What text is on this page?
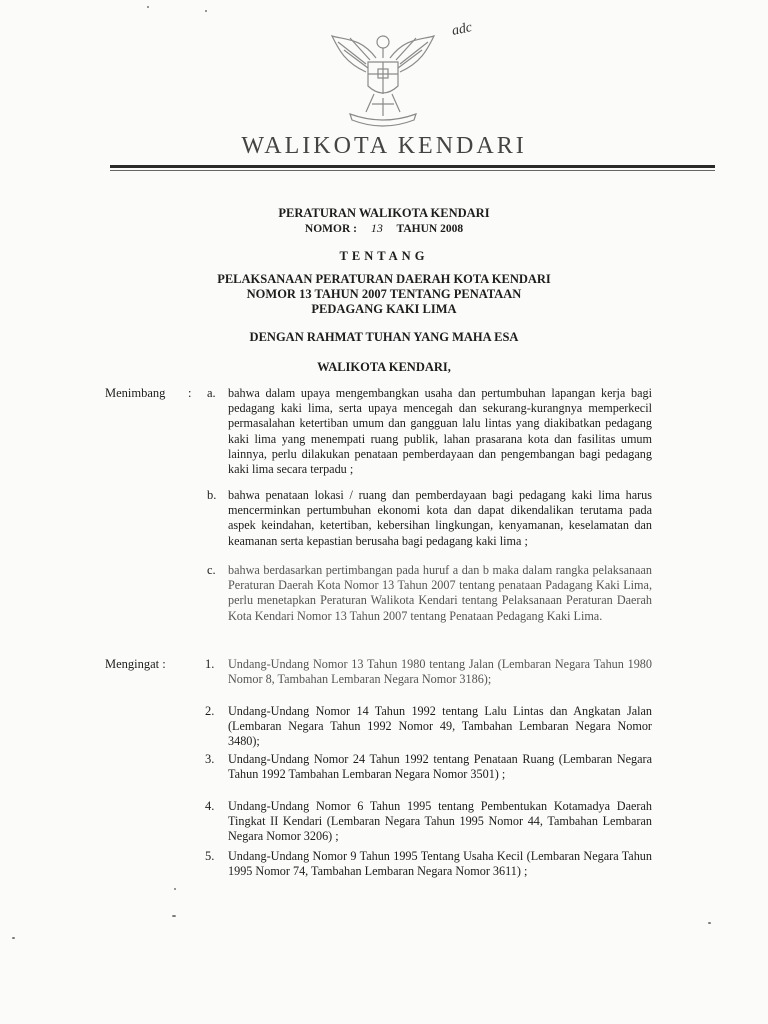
adc
WALIKOTA KENDARI
PERATURAN WALIKOTA KENDARI
NOMOR : 13 TAHUN 2008
TENTANG
PELAKSANAAN PERATURAN DAERAH KOTA KENDARI
NOMOR 13 TAHUN 2007 TENTANG PENATAAN
PEDAGANG KAKI LIMA
DENGAN RAHMAT TUHAN YANG MAHA ESA
WALIKOTA KENDARI,
Menimbang : a. bahwa dalam upaya mengembangkan usaha dan pertumbuhan lapangan kerja bagi pedagang kaki lima, serta upaya mencegah dan sekurang-kurangnya memperkecil permasalahan ketertiban umum dan gangguan lalu lintas yang diakibatkan pedagang kaki lima yang menempati ruang publik, lahan prasarana kota dan fasilitas umum lainnya, perlu dilakukan penataan pemberdayaan dan pengembangan bagi pedagang kaki lima secara terpadu ;
b. bahwa penataan lokasi / ruang dan pemberdayaan bagi pedagang kaki lima harus mencerminkan pertumbuhan ekonomi kota dan dapat dikendalikan terutama pada aspek keindahan, ketertiban, kebersihan lingkungan, kenyamanan, keselamatan dan keamanan serta kepastian berusaha bagi pedagang kaki lima ;
c. bahwa berdasarkan pertimbangan pada huruf a dan b maka dalam rangka pelaksanaan Peraturan Daerah Kota Nomor 13 Tahun 2007 tentang penataan Padagang Kaki Lima, perlu menetapkan Peraturan Walikota Kendari tentang Pelaksanaan Peraturan Daerah Kota Kendari Nomor 13 Tahun 2007 tentang Penataan Pedagang Kaki Lima.
Mengingat :	1. Undang-Undang Nomor 13 Tahun 1980 tentang Jalan (Lembaran Negara Tahun 1980 Nomor 8, Tambahan Lembaran Negara Nomor 3186);
2. Undang-Undang Nomor 14 Tahun 1992 tentang Lalu Lintas dan Angkatan Jalan (Lembaran Negara Tahun 1992 Nomor 49, Tambahan Lembaran Negara Nomor 3480);
3. Undang-Undang Nomor 24 Tahun 1992 tentang Penataan Ruang (Lembaran Negara Tahun 1992 Tambahan Lembaran Negara Nomor 3501) ;
4. Undang-Undang Nomor 6 Tahun 1995 tentang Pembentukan Kotamadya Daerah Tingkat II Kendari (Lembaran Negara Tahun 1995 Nomor 44, Tambahan Lembaran Negara Nomor 3206) ;
5. Undang-Undang Nomor 9 Tahun 1995 Tentang Usaha Kecil (Lembaran Negara Tahun 1995 Nomor 74, Tambahan Lembaran Negara Nomor 3611) ;
